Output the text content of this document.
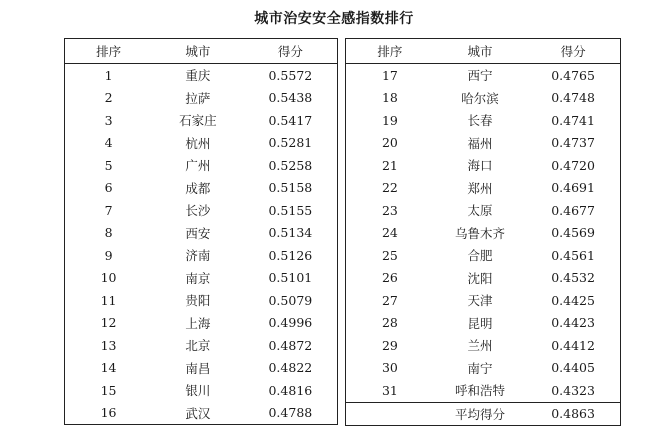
城市治安安全感指数排行
排序	城市	得分
1	重庆	0.5572
2	拉萨	0.5438
3	石家庄	0.5417
4	杭州	0.5281
5	广州	0.5258
6	成都	0.5158
7	长沙	0.5155
8	西安	0.5134
9	济南	0.5126
10	南京	0.5101
11	贵阳	0.5079
12	上海	0.4996
13	北京	0.4872
14	南昌	0.4822
15	银川	0.4816
16	武汉	0.4788
排序	城市	得分
17	西宁	0.4765
18	哈尔滨	0.4748
19	长春	0.4741
20	福州	0.4737
21	海口	0.4720
22	郑州	0.4691
23	太原	0.4677
24	乌鲁木齐	0.4569
25	合肥	0.4561
26	沈阳	0.4532
27	天津	0.4425
28	昆明	0.4423
29	兰州	0.4412
30	南宁	0.4405
31	呼和浩特	0.4323
	平均得分	0.4863
